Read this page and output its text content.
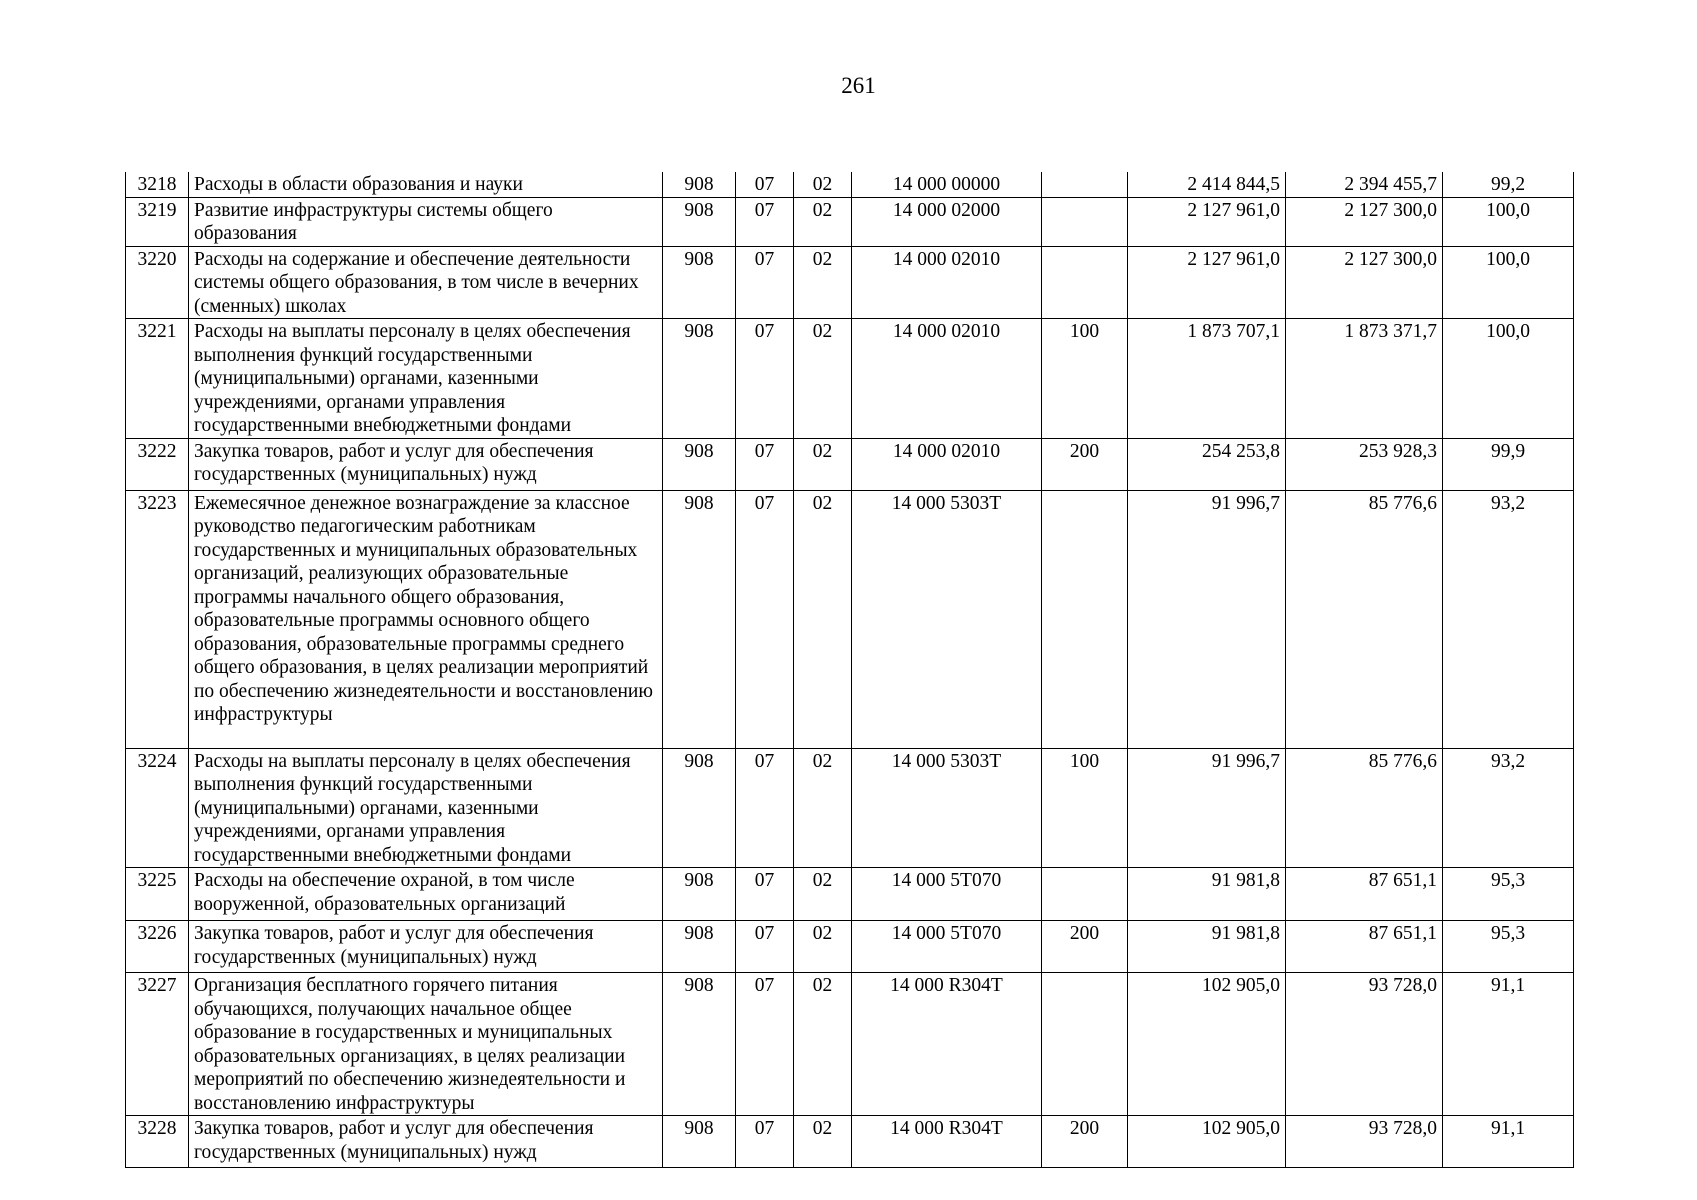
261
3218	Расходы в области образования и науки	908	07	02	14 000 00000		2 414 844,5	2 394 455,7	99,2
3219	Развитие инфраструктуры системы общего образования	908	07	02	14 000 02000		2 127 961,0	2 127 300,0	100,0
3220	Расходы на содержание и обеспечение деятельности системы общего образования, в том числе в вечерних (сменных) школах	908	07	02	14 000 02010		2 127 961,0	2 127 300,0	100,0
3221	Расходы на выплаты персоналу в целях обеспечения выполнения функций государственными (муниципальными) органами, казенными учреждениями, органами управления государственными внебюджетными фондами	908	07	02	14 000 02010	100	1 873 707,1	1 873 371,7	100,0
3222	Закупка товаров, работ и услуг для обеспечения государственных (муниципальных) нужд	908	07	02	14 000 02010	200	254 253,8	253 928,3	99,9
3223	Ежемесячное денежное вознаграждение за классное руководство педагогическим работникам государственных и муниципальных образовательных организаций, реализующих образовательные программы начального общего образования, образовательные программы основного общего образования, образовательные программы среднего общего образования, в целях реализации мероприятий по обеспечению жизнедеятельности и восстановлению инфраструктуры	908	07	02	14 000 5303Т		91 996,7	85 776,6	93,2
3224	Расходы на выплаты персоналу в целях обеспечения выполнения функций государственными (муниципальными) органами, казенными учреждениями, органами управления государственными внебюджетными фондами	908	07	02	14 000 5303Т	100	91 996,7	85 776,6	93,2
3225	Расходы на обеспечение охраной, в том числе вооруженной, образовательных организаций	908	07	02	14 000 5Т070		91 981,8	87 651,1	95,3
3226	Закупка товаров, работ и услуг для обеспечения государственных (муниципальных) нужд	908	07	02	14 000 5Т070	200	91 981,8	87 651,1	95,3
3227	Организация бесплатного горячего питания обучающихся, получающих начальное общее образование в государственных и муниципальных образовательных организациях, в целях реализации мероприятий по обеспечению жизнедеятельности и восстановлению инфраструктуры	908	07	02	14 000 R304Т		102 905,0	93 728,0	91,1
3228	Закупка товаров, работ и услуг для обеспечения государственных (муниципальных) нужд	908	07	02	14 000 R304Т	200	102 905,0	93 728,0	91,1
